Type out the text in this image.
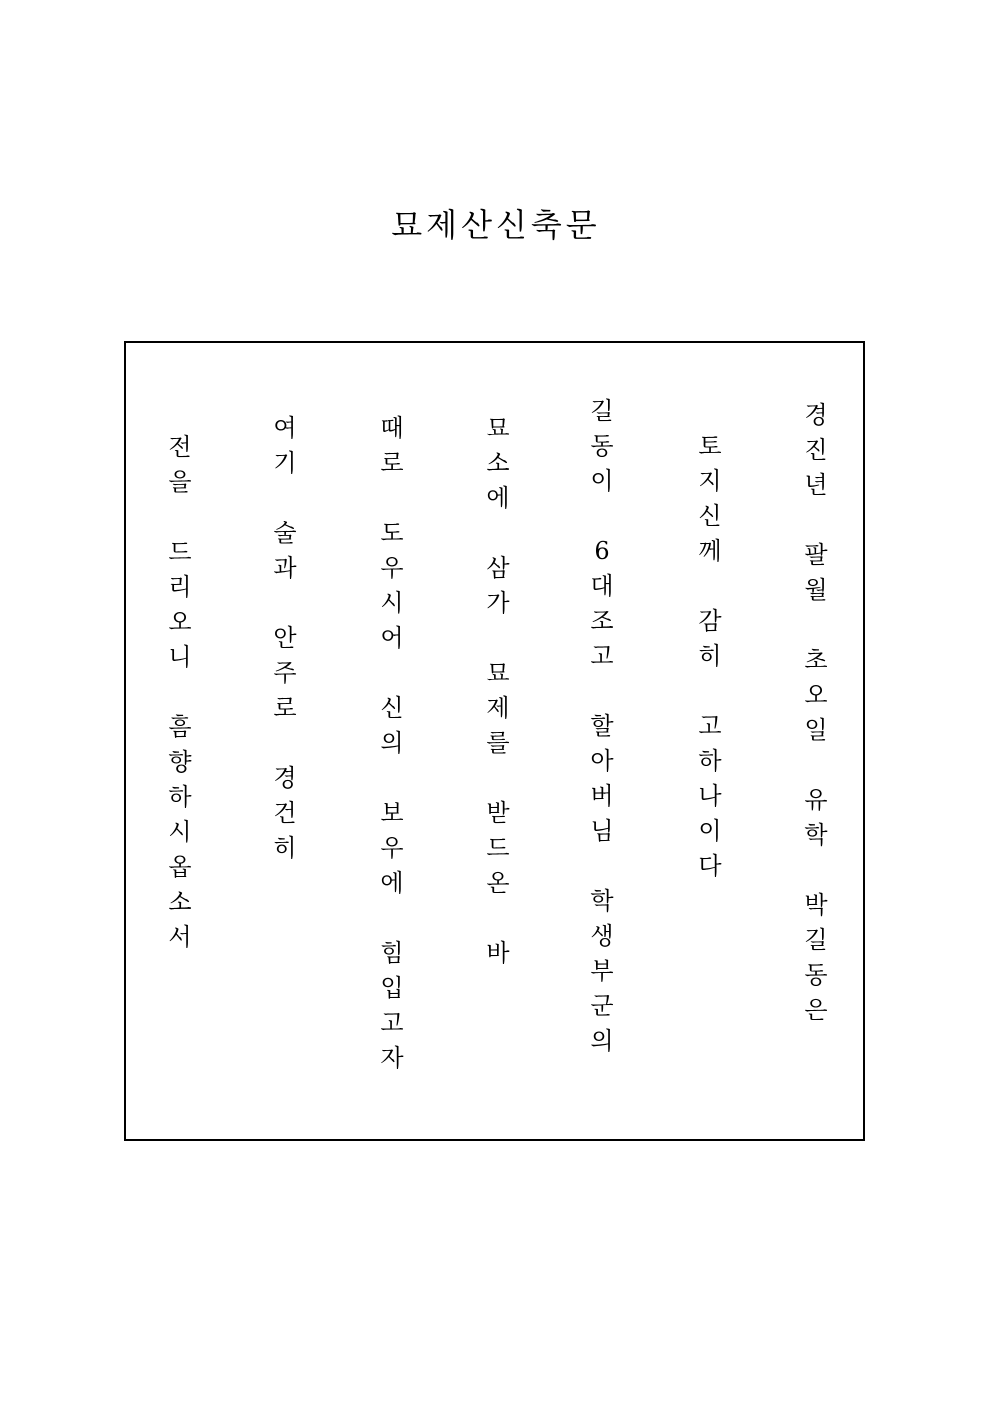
묘제산신축문
경
진
년
팔
월
초
오
일
유
학
박
길
동
은
토
지
신
께
감
히
고
하
나
이
다
길
동
이
6
대
조
고
할
아
버
님
학
생
부
군
의
묘
소
에
삼
가
묘
제
를
받
드
온
바
때
로
도
우
시
어
신
의
보
우
에
힘
입
고
자
여
기
술
과
안
주
로
경
건
히
전
을
드
리
오
니
흠
향
하
시
옵
소
서
